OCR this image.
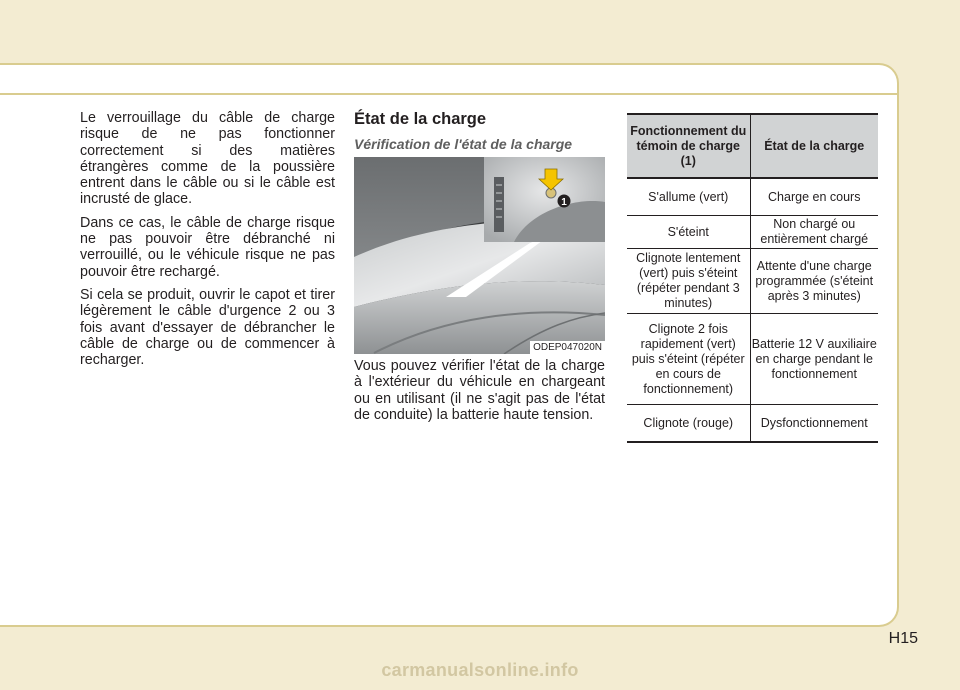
Le verrouillage du câble de charge risque de ne pas fonctionner correctement si des matières étrangères comme de la poussière entrent dans le câble ou si le câble est incrusté de glace.

Dans ce cas, le câble de charge risque ne pas pouvoir être débranché ni verrouillé, ou le véhicule risque ne pas pouvoir être rechargé.

Si cela se produit, ouvrir le capot et tirer légèrement le câble d'urgence 2 ou 3 fois avant d'essayer de débrancher le câble de charge ou de commencer à recharger.

État de la charge
Vérification de l'état de la charge
1
ODEP047020N

Vous pouvez vérifier l'état de la charge à l'extérieur du véhicule en chargeant ou en utilisant (il ne s'agit pas de l'état de conduite) la batterie haute tension.

Fonctionnement du témoin de charge (1)	État de la charge
S'allume (vert)	Charge en cours
S'éteint	Non chargé ou entièrement chargé
Clignote lentement (vert) puis s'éteint (répéter pendant 3 minutes)	Attente d'une charge programmée (s'éteint après 3 minutes)
Clignote 2 fois rapidement (vert) puis s'éteint (répéter en cours de fonctionnement)	Batterie 12 V auxiliaire en charge pendant le fonctionnement
Clignote (rouge)	Dysfonctionnement
H15
carmanualsonline.info
